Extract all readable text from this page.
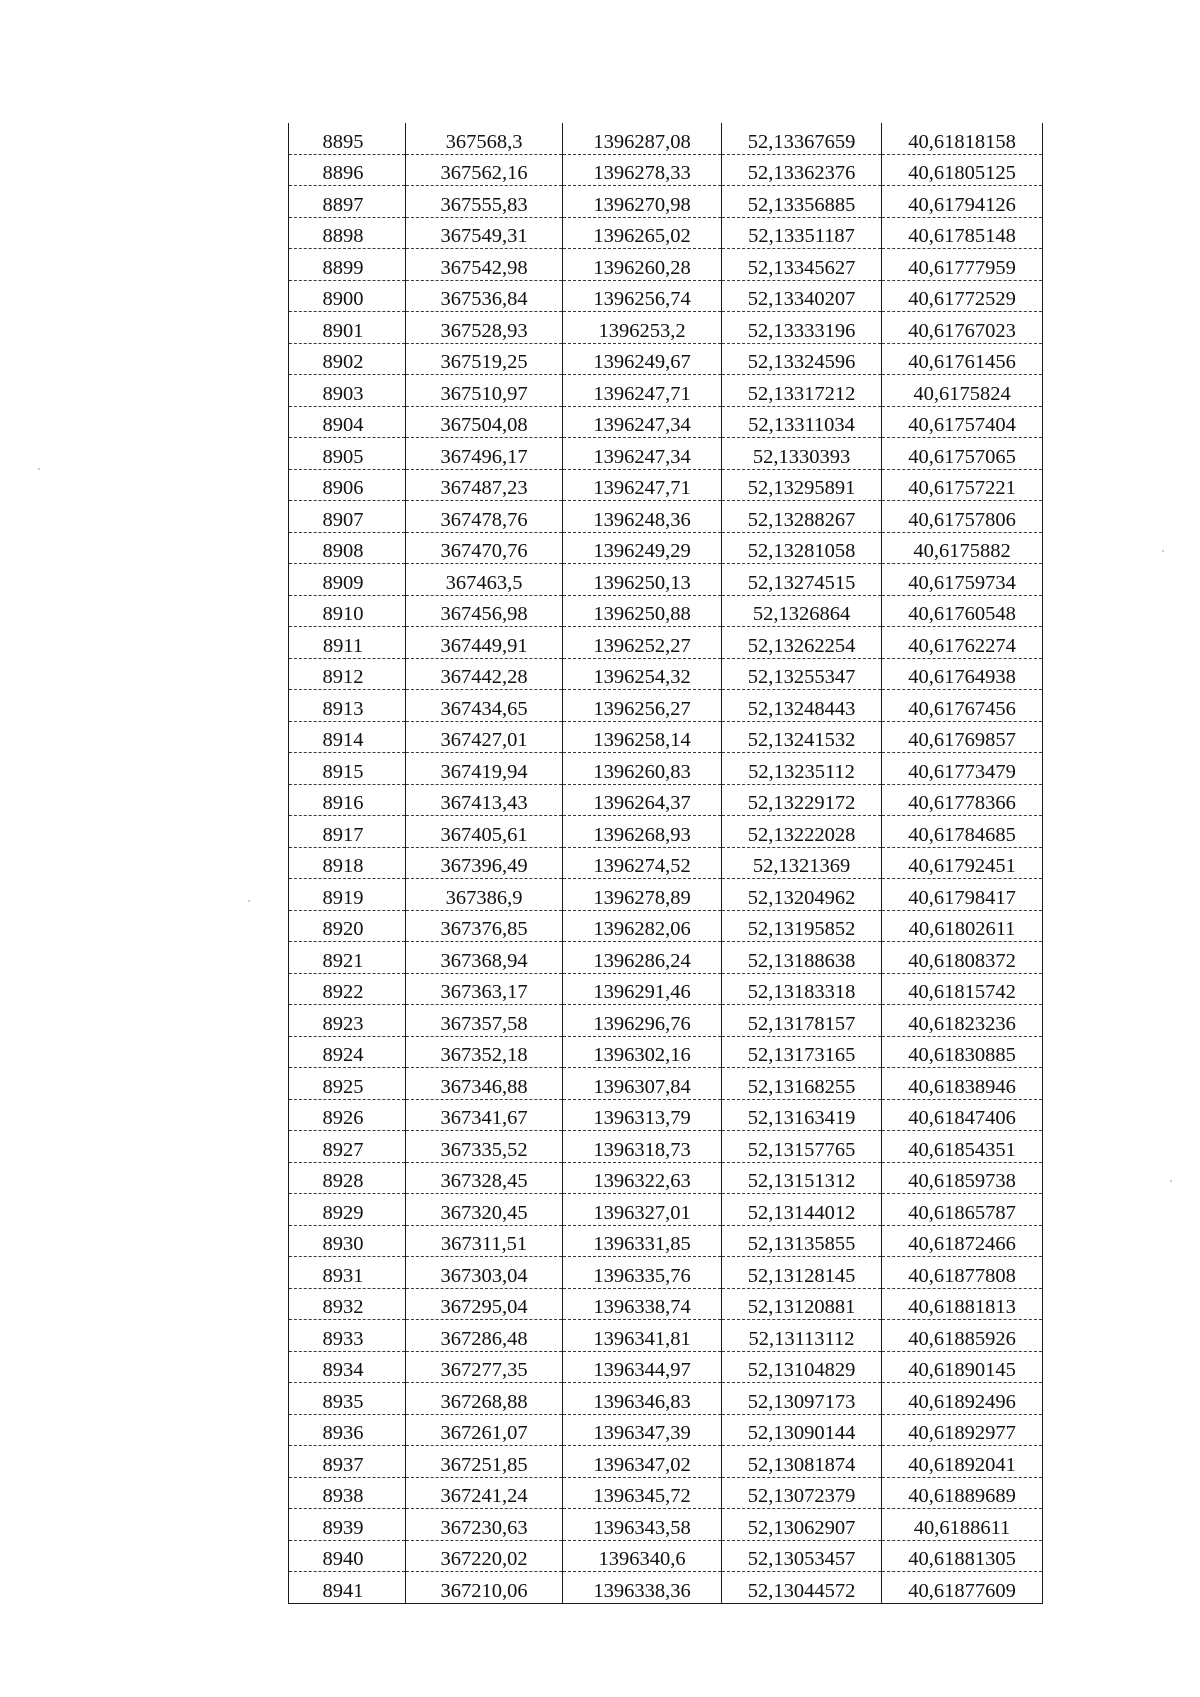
8895	367568,3	1396287,08	52,13367659	40,61818158
8896	367562,16	1396278,33	52,13362376	40,61805125
8897	367555,83	1396270,98	52,13356885	40,61794126
8898	367549,31	1396265,02	52,13351187	40,61785148
8899	367542,98	1396260,28	52,13345627	40,61777959
8900	367536,84	1396256,74	52,13340207	40,61772529
8901	367528,93	1396253,2	52,13333196	40,61767023
8902	367519,25	1396249,67	52,13324596	40,61761456
8903	367510,97	1396247,71	52,13317212	40,6175824
8904	367504,08	1396247,34	52,13311034	40,61757404
8905	367496,17	1396247,34	52,1330393	40,61757065
8906	367487,23	1396247,71	52,13295891	40,61757221
8907	367478,76	1396248,36	52,13288267	40,61757806
8908	367470,76	1396249,29	52,13281058	40,6175882
8909	367463,5	1396250,13	52,13274515	40,61759734
8910	367456,98	1396250,88	52,1326864	40,61760548
8911	367449,91	1396252,27	52,13262254	40,61762274
8912	367442,28	1396254,32	52,13255347	40,61764938
8913	367434,65	1396256,27	52,13248443	40,61767456
8914	367427,01	1396258,14	52,13241532	40,61769857
8915	367419,94	1396260,83	52,13235112	40,61773479
8916	367413,43	1396264,37	52,13229172	40,61778366
8917	367405,61	1396268,93	52,13222028	40,61784685
8918	367396,49	1396274,52	52,1321369	40,61792451
8919	367386,9	1396278,89	52,13204962	40,61798417
8920	367376,85	1396282,06	52,13195852	40,61802611
8921	367368,94	1396286,24	52,13188638	40,61808372
8922	367363,17	1396291,46	52,13183318	40,61815742
8923	367357,58	1396296,76	52,13178157	40,61823236
8924	367352,18	1396302,16	52,13173165	40,61830885
8925	367346,88	1396307,84	52,13168255	40,61838946
8926	367341,67	1396313,79	52,13163419	40,61847406
8927	367335,52	1396318,73	52,13157765	40,61854351
8928	367328,45	1396322,63	52,13151312	40,61859738
8929	367320,45	1396327,01	52,13144012	40,61865787
8930	367311,51	1396331,85	52,13135855	40,61872466
8931	367303,04	1396335,76	52,13128145	40,61877808
8932	367295,04	1396338,74	52,13120881	40,61881813
8933	367286,48	1396341,81	52,13113112	40,61885926
8934	367277,35	1396344,97	52,13104829	40,61890145
8935	367268,88	1396346,83	52,13097173	40,61892496
8936	367261,07	1396347,39	52,13090144	40,61892977
8937	367251,85	1396347,02	52,13081874	40,61892041
8938	367241,24	1396345,72	52,13072379	40,61889689
8939	367230,63	1396343,58	52,13062907	40,6188611
8940	367220,02	1396340,6	52,13053457	40,61881305
8941	367210,06	1396338,36	52,13044572	40,61877609
